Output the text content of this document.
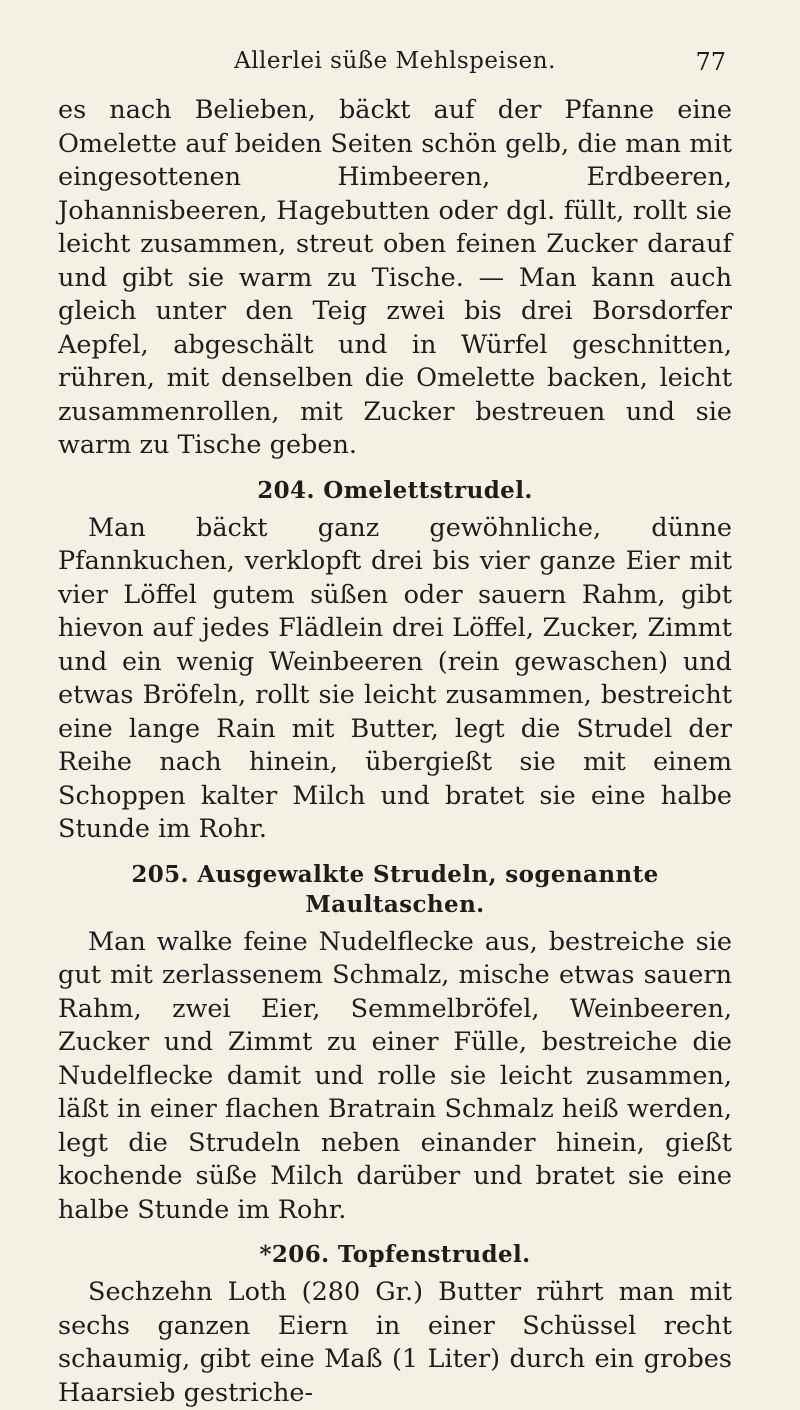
Allerlei süße Mehlspeisen.	77

es nach Belieben, bäckt auf der Pfanne eine Omelette auf beiden Seiten schön gelb, die man mit eingesottenen Himbeeren, Erdbeeren, Johannisbeeren, Hagebutten oder dgl. füllt, rollt sie leicht zusammen, streut oben feinen Zucker darauf und gibt sie warm zu Tische. — Man kann auch gleich unter den Teig zwei bis drei Borsdorfer Aepfel, abgeschält und in Würfel geschnitten, rühren, mit denselben die Omelette backen, leicht zusammenrollen, mit Zucker bestreuen und sie warm zu Tische geben.

204. Omelettstrudel.

Man bäckt ganz gewöhnliche, dünne Pfannkuchen, verklopft drei bis vier ganze Eier mit vier Löffel gutem süßen oder sauern Rahm, gibt hievon auf jedes Flädlein drei Löffel, Zucker, Zimmt und ein wenig Weinbeeren (rein gewaschen) und etwas Bröfeln, rollt sie leicht zusammen, bestreicht eine lange Rain mit Butter, legt die Strudel der Reihe nach hinein, übergießt sie mit einem Schoppen kalter Milch und bratet sie eine halbe Stunde im Rohr.

205. Ausgewalkte Strudeln, sogenannte Maultaschen.

Man walke feine Nudelflecke aus, bestreiche sie gut mit zerlassenem Schmalz, mische etwas sauern Rahm, zwei Eier, Semmelbröfel, Weinbeeren, Zucker und Zimmt zu einer Fülle, bestreiche die Nudelflecke damit und rolle sie leicht zusammen, läßt in einer flachen Bratrain Schmalz heiß werden, legt die Strudeln neben einander hinein, gießt kochende süße Milch darüber und bratet sie eine halbe Stunde im Rohr.

*206. Topfenstrudel.

Sechzehn Loth (280 Gr.) Butter rührt man mit sechs ganzen Eiern in einer Schüssel recht schaumig, gibt eine Maß (1 Liter) durch ein grobes Haarsieb gestriche-
